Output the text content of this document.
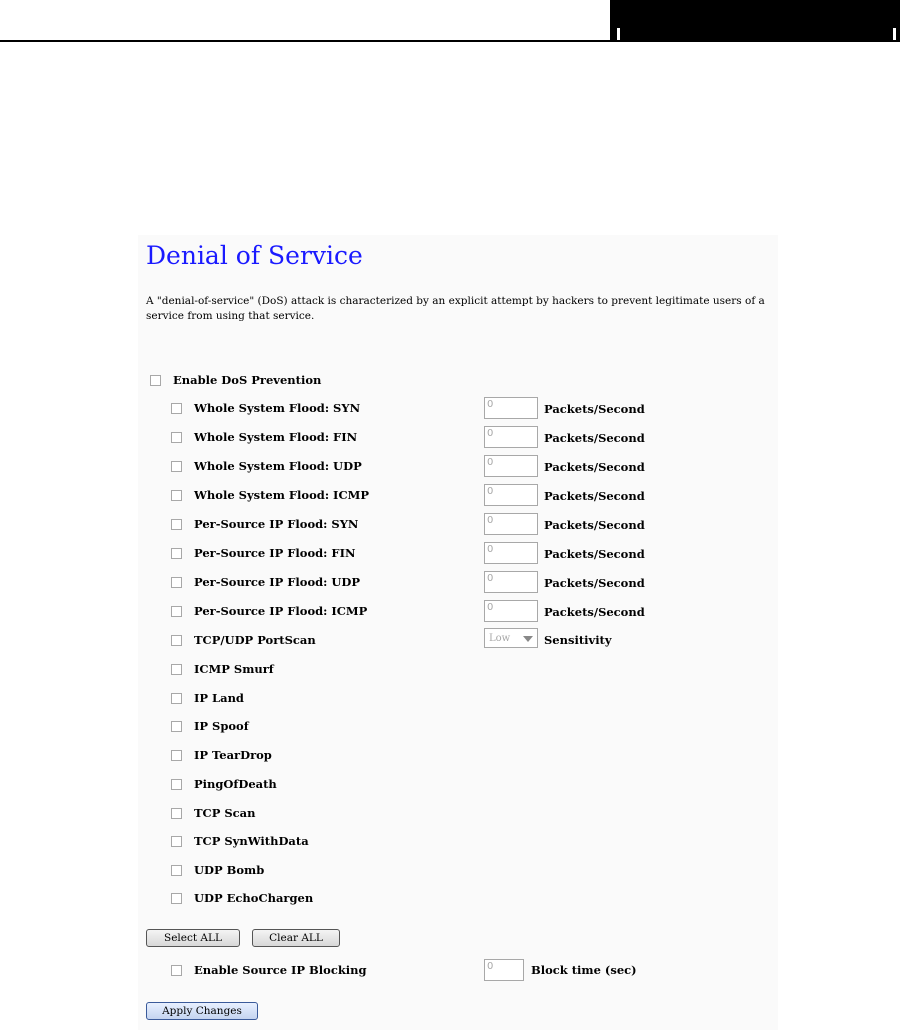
Denial of Service
A "denial-of-service" (DoS) attack is characterized by an explicit attempt by hackers to prevent legitimate users of a service from using that service.
Enable DoS Prevention
Whole System Flood: SYN	0	Packets/Second
Whole System Flood: FIN	0	Packets/Second
Whole System Flood: UDP	0	Packets/Second
Whole System Flood: ICMP	0	Packets/Second
Per-Source IP Flood: SYN	0	Packets/Second
Per-Source IP Flood: FIN	0	Packets/Second
Per-Source IP Flood: UDP	0	Packets/Second
Per-Source IP Flood: ICMP	0	Packets/Second
TCP/UDP PortScan	Low	Sensitivity
ICMP Smurf
IP Land
IP Spoof
IP TearDrop
PingOfDeath
TCP Scan
TCP SynWithData
UDP Bomb
UDP EchoChargen
Select ALL	Clear ALL
Enable Source IP Blocking	0	Block time (sec)
Apply Changes
